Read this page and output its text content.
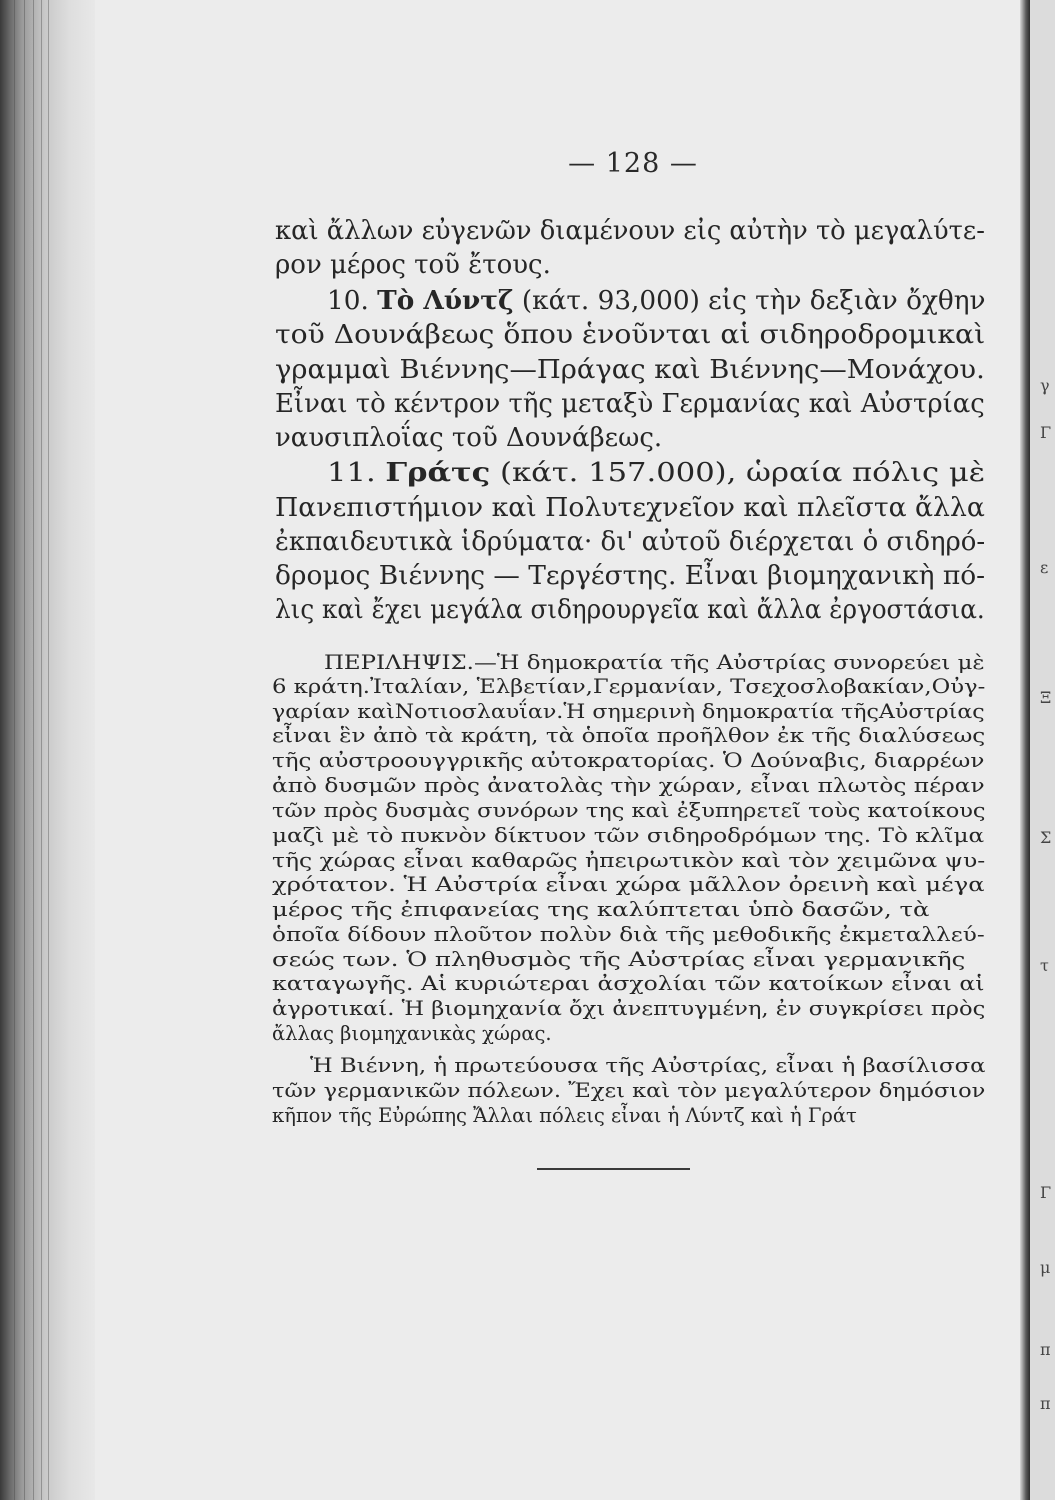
γ
Γ
ε
Ξ
Σ
τ
Γ
μ
π
π
— 128 —
καὶ ἄλλων εὐγενῶν διαμένουν εἰς αὐτὴν τὸ μεγαλύτε-
ρον μέρος τοῦ ἔτους.
10. Τὸ Λύντζ (κάτ. 93,000) εἰς τὴν δεξιὰν ὄχθην
τοῦ Δουνάβεως ὅπου ἑνοῦνται αἱ σιδηροδρομικαὶ
γραμμαὶ Βιέννης—Πράγας καὶ Βιέννης—Μονάχου.
Εἶναι τὸ κέντρον τῆς μεταξὺ Γερμανίας καὶ Αὐστρίας
ναυσιπλοΐας τοῦ Δουνάβεως.
11. Γράτς (κάτ. 157.000), ὡραία πόλις μὲ
Πανεπιστήμιον καὶ Πολυτεχνεῖον καὶ πλεῖστα ἄλλα
ἐκπαιδευτικὰ ἱδρύματα· δι' αὐτοῦ διέρχεται ὁ σιδηρό-
δρομος Βιέννης — Τεργέστης. Εἶναι βιομηχανικὴ πό-
λις καὶ ἔχει μεγάλα σιδηρουργεῖα καὶ ἄλλα ἐργοστάσια.
ΠΕΡΙΛΗΨΙΣ.—Ἡ δημοκρατία τῆς Αὐστρίας συνορεύει μὲ
6 κράτη.Ἰταλίαν, Ἑλβετίαν,Γερμανίαν, Τσεχοσλοβακίαν,Οὐγ-
γαρίαν καὶΝοτιοσλαυΐαν.Ἡ σημερινὴ δημοκρατία τῆςΑὐστρίας
εἶναι ἓν ἀπὸ τὰ κράτη, τὰ ὁποῖα προῆλθον ἐκ τῆς διαλύσεως
τῆς αὐστροουγγρικῆς αὐτοκρατορίας. Ὁ Δούναβις, διαρρέων
ἀπὸ δυσμῶν πρὸς ἀνατολὰς τὴν χώραν, εἶναι πλωτὸς πέραν
τῶν πρὸς δυσμὰς συνόρων της καὶ ἐξυπηρετεῖ τοὺς κατοίκους
μαζὶ μὲ τὸ πυκνὸν δίκτυον τῶν σιδηροδρόμων της. Τὸ κλῖμα
τῆς χώρας εἶναι καθαρῶς ἠπειρωτικὸν καὶ τὸν χειμῶνα ψυ-
χρότατον. Ἡ Αὐστρία εἶναι χώρα μᾶλλον ὀρεινὴ καὶ μέγα
μέρος τῆς ἐπιφανείας της καλύπτεται ὑπὸ δασῶν, τὰ
ὁποῖα δίδουν πλοῦτον πολὺν διὰ τῆς μεθοδικῆς ἐκμεταλλεύ-
σεώς των. Ὁ πληθυσμὸς τῆς Αὐστρίας εἶναι γερμανικῆς
καταγωγῆς. Αἱ κυριώτεραι ἀσχολίαι τῶν κατοίκων εἶναι αἱ
ἀγροτικαί. Ἡ βιομηχανία ὄχι ἀνεπτυγμένη, ἐν συγκρίσει πρὸς
ἄλλας βιομηχανικὰς χώρας.
Ἡ Βιέννη, ἡ πρωτεύουσα τῆς Αὐστρίας, εἶναι ἡ βασίλισσα
τῶν γερμανικῶν πόλεων. Ἔχει καὶ τὸν μεγαλύτερον δημόσιον
κῆπον τῆς Εὐρώπης Ἄλλαι πόλεις εἶναι ἡ Λύντζ καὶ ἡ Γράτ
